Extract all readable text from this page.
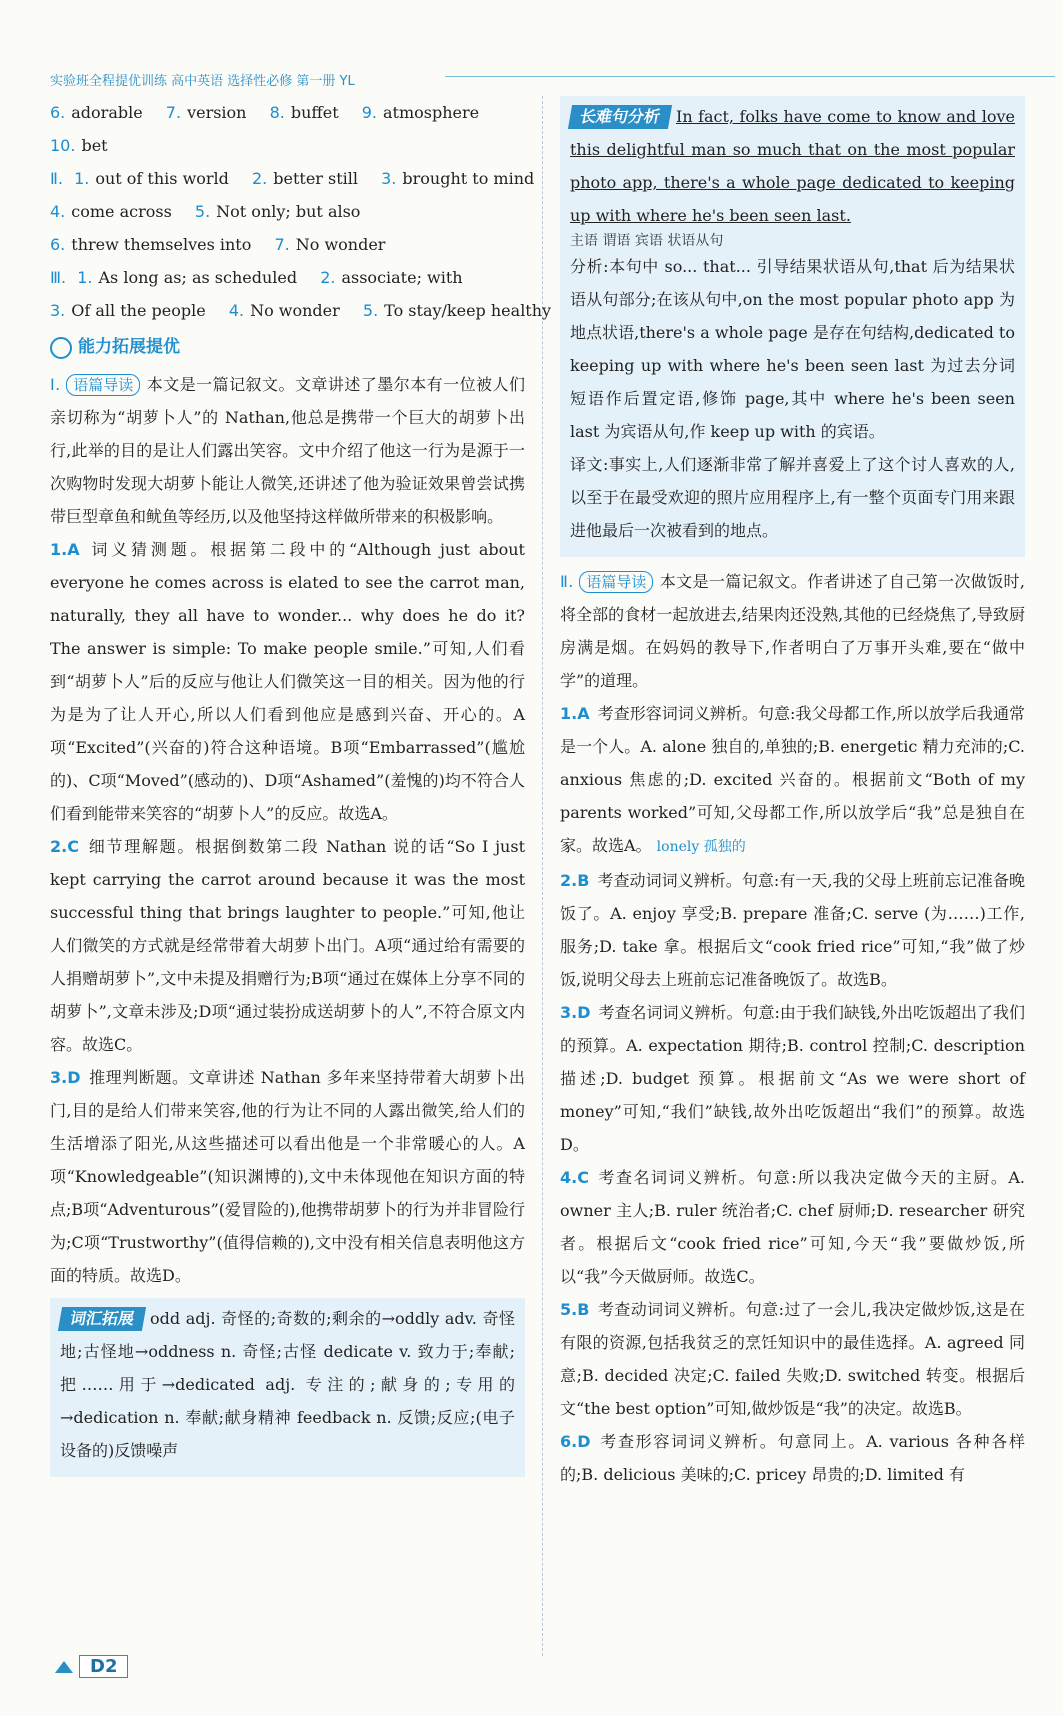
实验班全程提优训练 高中英语 选择性必修 第一册 YL
6. adorable 7. version 8. buffet 9. atmosphere
10. bet
Ⅱ. 1. out of this world 2. better still 3. brought to mind
4. come across 5. Not only; but also
6. threw themselves into 7. No wonder
Ⅲ. 1. As long as; as scheduled 2. associate; with
3. Of all the people 4. No wonder 5. To stay/keep healthy
能力拓展提优
Ⅰ. 语篇导读 本文是一篇记叙文。文章讲述了墨尔本有一位被人们亲切称为“胡萝卜人”的 Nathan,他总是携带一个巨大的胡萝卜出行,此举的目的是让人们露出笑容。文中介绍了他这一行为是源于一次购物时发现大胡萝卜能让人微笑,还讲述了他为验证效果曾尝试携带巨型章鱼和鱿鱼等经历,以及他坚持这样做所带来的积极影响。
1.A 词义猜测题。根据第二段中的“Although just about everyone he comes across is elated to see the carrot man, naturally, they all have to wonder... why does he do it? The answer is simple: To make people smile.”可知,人们看到“胡萝卜人”后的反应与他让人们微笑这一目的相关。因为他的行为是为了让人开心,所以人们看到他应是感到兴奋、开心的。A项“Excited”(兴奋的)符合这种语境。B项“Embarrassed”(尴尬的)、C项“Moved”(感动的)、D项“Ashamed”(羞愧的)均不符合人们看到能带来笑容的“胡萝卜人”的反应。故选A。
2.C 细节理解题。根据倒数第二段 Nathan 说的话“So I just kept carrying the carrot around because it was the most successful thing that brings laughter to people.”可知,他让人们微笑的方式就是经常带着大胡萝卜出门。A项“通过给有需要的人捐赠胡萝卜”,文中未提及捐赠行为;B项“通过在媒体上分享不同的胡萝卜”,文章未涉及;D项“通过装扮成送胡萝卜的人”,不符合原文内容。故选C。
3.D 推理判断题。文章讲述 Nathan 多年来坚持带着大胡萝卜出门,目的是给人们带来笑容,他的行为让不同的人露出微笑,给人们的生活增添了阳光,从这些描述可以看出他是一个非常暖心的人。A项“Knowledgeable”(知识渊博的),文中未体现他在知识方面的特点;B项“Adventurous”(爱冒险的),他携带胡萝卜的行为并非冒险行为;C项“Trustworthy”(值得信赖的),文中没有相关信息表明他这方面的特质。故选D。
词汇拓展 odd adj. 奇怪的;奇数的;剩余的→oddly adv. 奇怪地;古怪地→oddness n. 奇怪;古怪 dedicate v. 致力于;奉献;把……用于→dedicated adj. 专注的;献身的;专用的→dedication n. 奉献;献身精神 feedback n. 反馈;反应;(电子设备的)反馈噪声
长难句分析 In fact, folks have come to know and love this delightful man so much that on the most popular photo app, there's a whole page dedicated to keeping up with where he's been seen last.
主语 谓语 宾语 状语从句
分析:本句中 so... that... 引导结果状语从句,that 后为结果状语从句部分;在该从句中,on the most popular photo app 为地点状语,there's a whole page 是存在句结构,dedicated to keeping up with where he's been seen last 为过去分词短语作后置定语,修饰 page,其中 where he's been seen last 为宾语从句,作 keep up with 的宾语。
译文:事实上,人们逐渐非常了解并喜爱上了这个讨人喜欢的人,以至于在最受欢迎的照片应用程序上,有一整个页面专门用来跟进他最后一次被看到的地点。
Ⅱ. 语篇导读 本文是一篇记叙文。作者讲述了自己第一次做饭时,将全部的食材一起放进去,结果肉还没熟,其他的已经烧焦了,导致厨房满是烟。在妈妈的教导下,作者明白了万事开头难,要在“做中学”的道理。
1.A 考查形容词词义辨析。句意:我父母都工作,所以放学后我通常是一个人。A. alone 独自的,单独的;B. energetic 精力充沛的;C. anxious 焦虑的;D. excited 兴奋的。根据前文“Both of my parents worked”可知,父母都工作,所以放学后“我”总是独自在家。故选A。 lonely 孤独的
2.B 考查动词词义辨析。句意:有一天,我的父母上班前忘记准备晚饭了。A. enjoy 享受;B. prepare 准备;C. serve (为……)工作,服务;D. take 拿。根据后文“cook fried rice”可知,“我”做了炒饭,说明父母去上班前忘记准备晚饭了。故选B。
3.D 考查名词词义辨析。句意:由于我们缺钱,外出吃饭超出了我们的预算。A. expectation 期待;B. control 控制;C. description 描述;D. budget 预算。根据前文“As we were short of money”可知,“我们”缺钱,故外出吃饭超出“我们”的预算。故选D。
4.C 考查名词词义辨析。句意:所以我决定做今天的主厨。A. owner 主人;B. ruler 统治者;C. chef 厨师;D. researcher 研究者。根据后文“cook fried rice”可知,今天“我”要做炒饭,所以“我”今天做厨师。故选C。
5.B 考查动词词义辨析。句意:过了一会儿,我决定做炒饭,这是在有限的资源,包括我贫乏的烹饪知识中的最佳选择。A. agreed 同意;B. decided 决定;C. failed 失败;D. switched 转变。根据后文“the best option”可知,做炒饭是“我”的决定。故选B。
6.D 考查形容词词义辨析。句意同上。A. various 各种各样的;B. delicious 美味的;C. pricey 昂贵的;D. limited 有
D2
